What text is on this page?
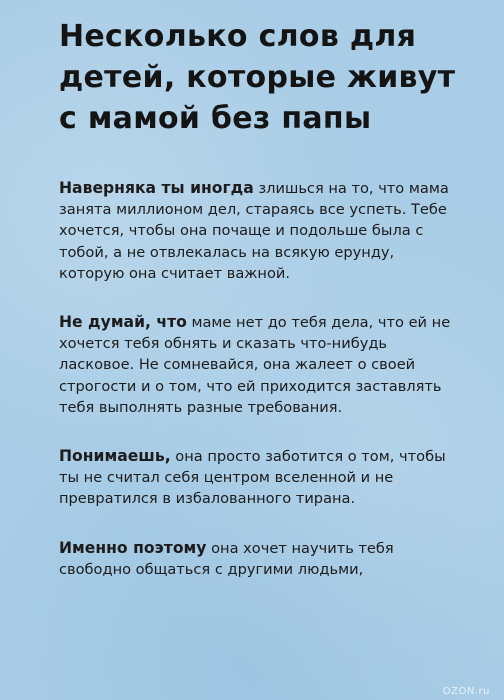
Несколько слов для детей, которые живут с мамой без папы

Наверняка ты иногда злишься на то, что мама занята миллионом дел, стараясь все успеть. Тебе хочется, чтобы она почаще и подольше была с тобой, а не отвлекалась на всякую ерунду, которую она считает важной.

Не думай, что маме нет до тебя дела, что ей не хочется тебя обнять и сказать что-нибудь ласковое. Не сомневайся, она жалеет о своей строгости и о том, что ей приходится заставлять тебя выполнять разные требования.

Понимаешь, она просто заботится о том, чтобы ты не считал себя центром вселенной и не превратился в избалованного тирана.

Именно поэтому она хочет научить тебя свободно общаться с другими людьми,

OZON.ru
